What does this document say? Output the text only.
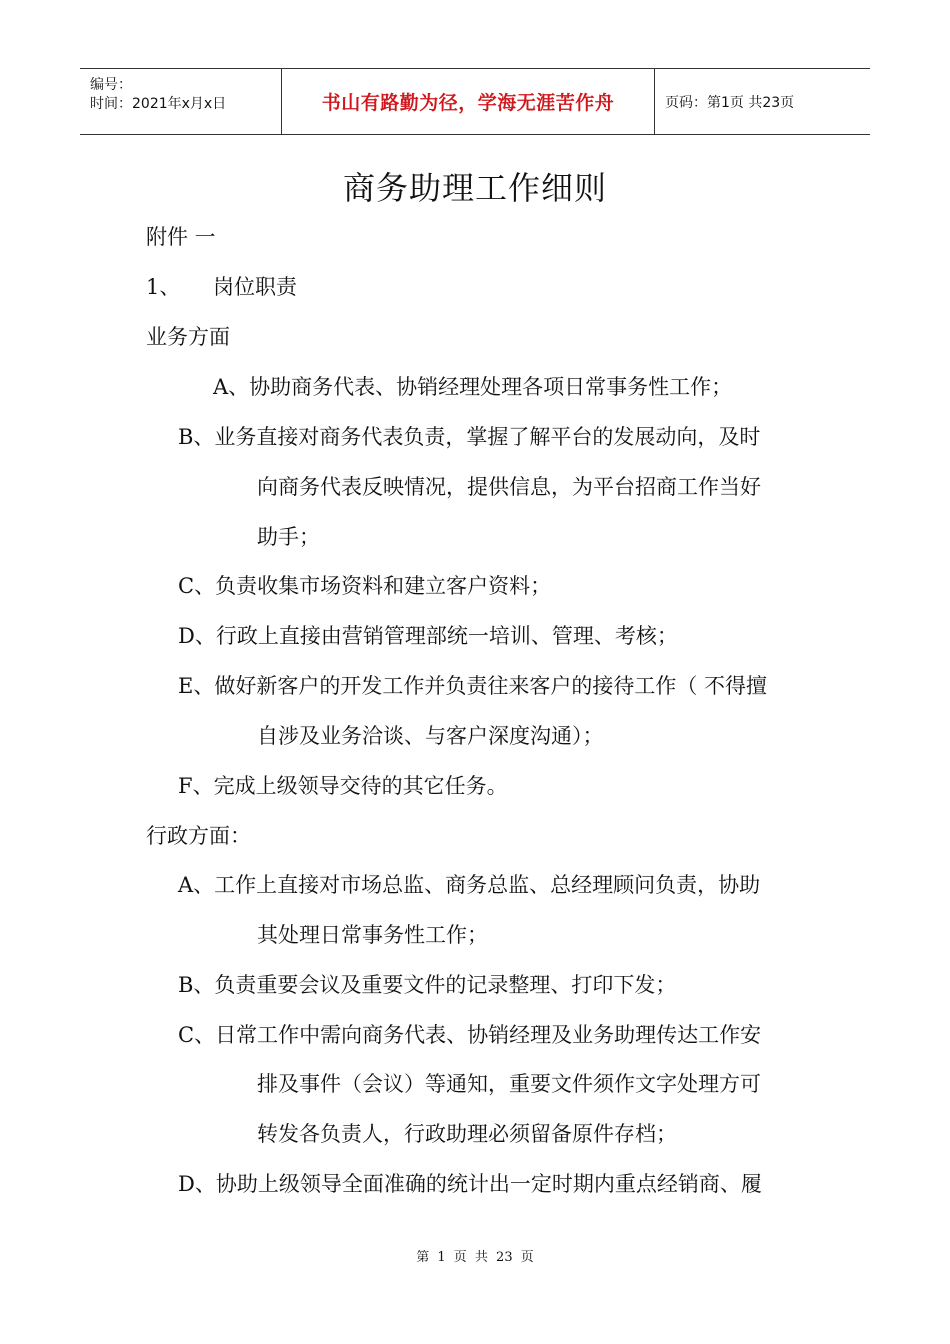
编号：
时间：2021年x月x日	书山有路勤为径，学海无涯苦作舟	页码：第1页 共23页
商务助理工作细则
附件 一
1、 岗位职责
业务方面
A、协助商务代表、协销经理处理各项日常事务性工作；
B、业务直接对商务代表负责，掌握了解平台的发展动向，及时
向商务代表反映情况，提供信息，为平台招商工作当好
助手；
C、负责收集市场资料和建立客户资料；
D、行政上直接由营销管理部统一培训、管理、考核；
E、做好新客户的开发工作并负责往来客户的接待工作（ 不得擅
自涉及业务洽谈、与客户深度沟通）；
F、完成上级领导交待的其它任务。
行政方面：
A、工作上直接对市场总监、商务总监、总经理顾问负责，协助
其处理日常事务性工作；
B、负责重要会议及重要文件的记录整理、打印下发；
C、日常工作中需向商务代表、协销经理及业务助理传达工作安
排及事件（会议）等通知，重要文件须作文字处理方可
转发各负责人，行政助理必须留备原件存档；
D、协助上级领导全面准确的统计出一定时期内重点经销商、履
第 1 页 共 23 页
